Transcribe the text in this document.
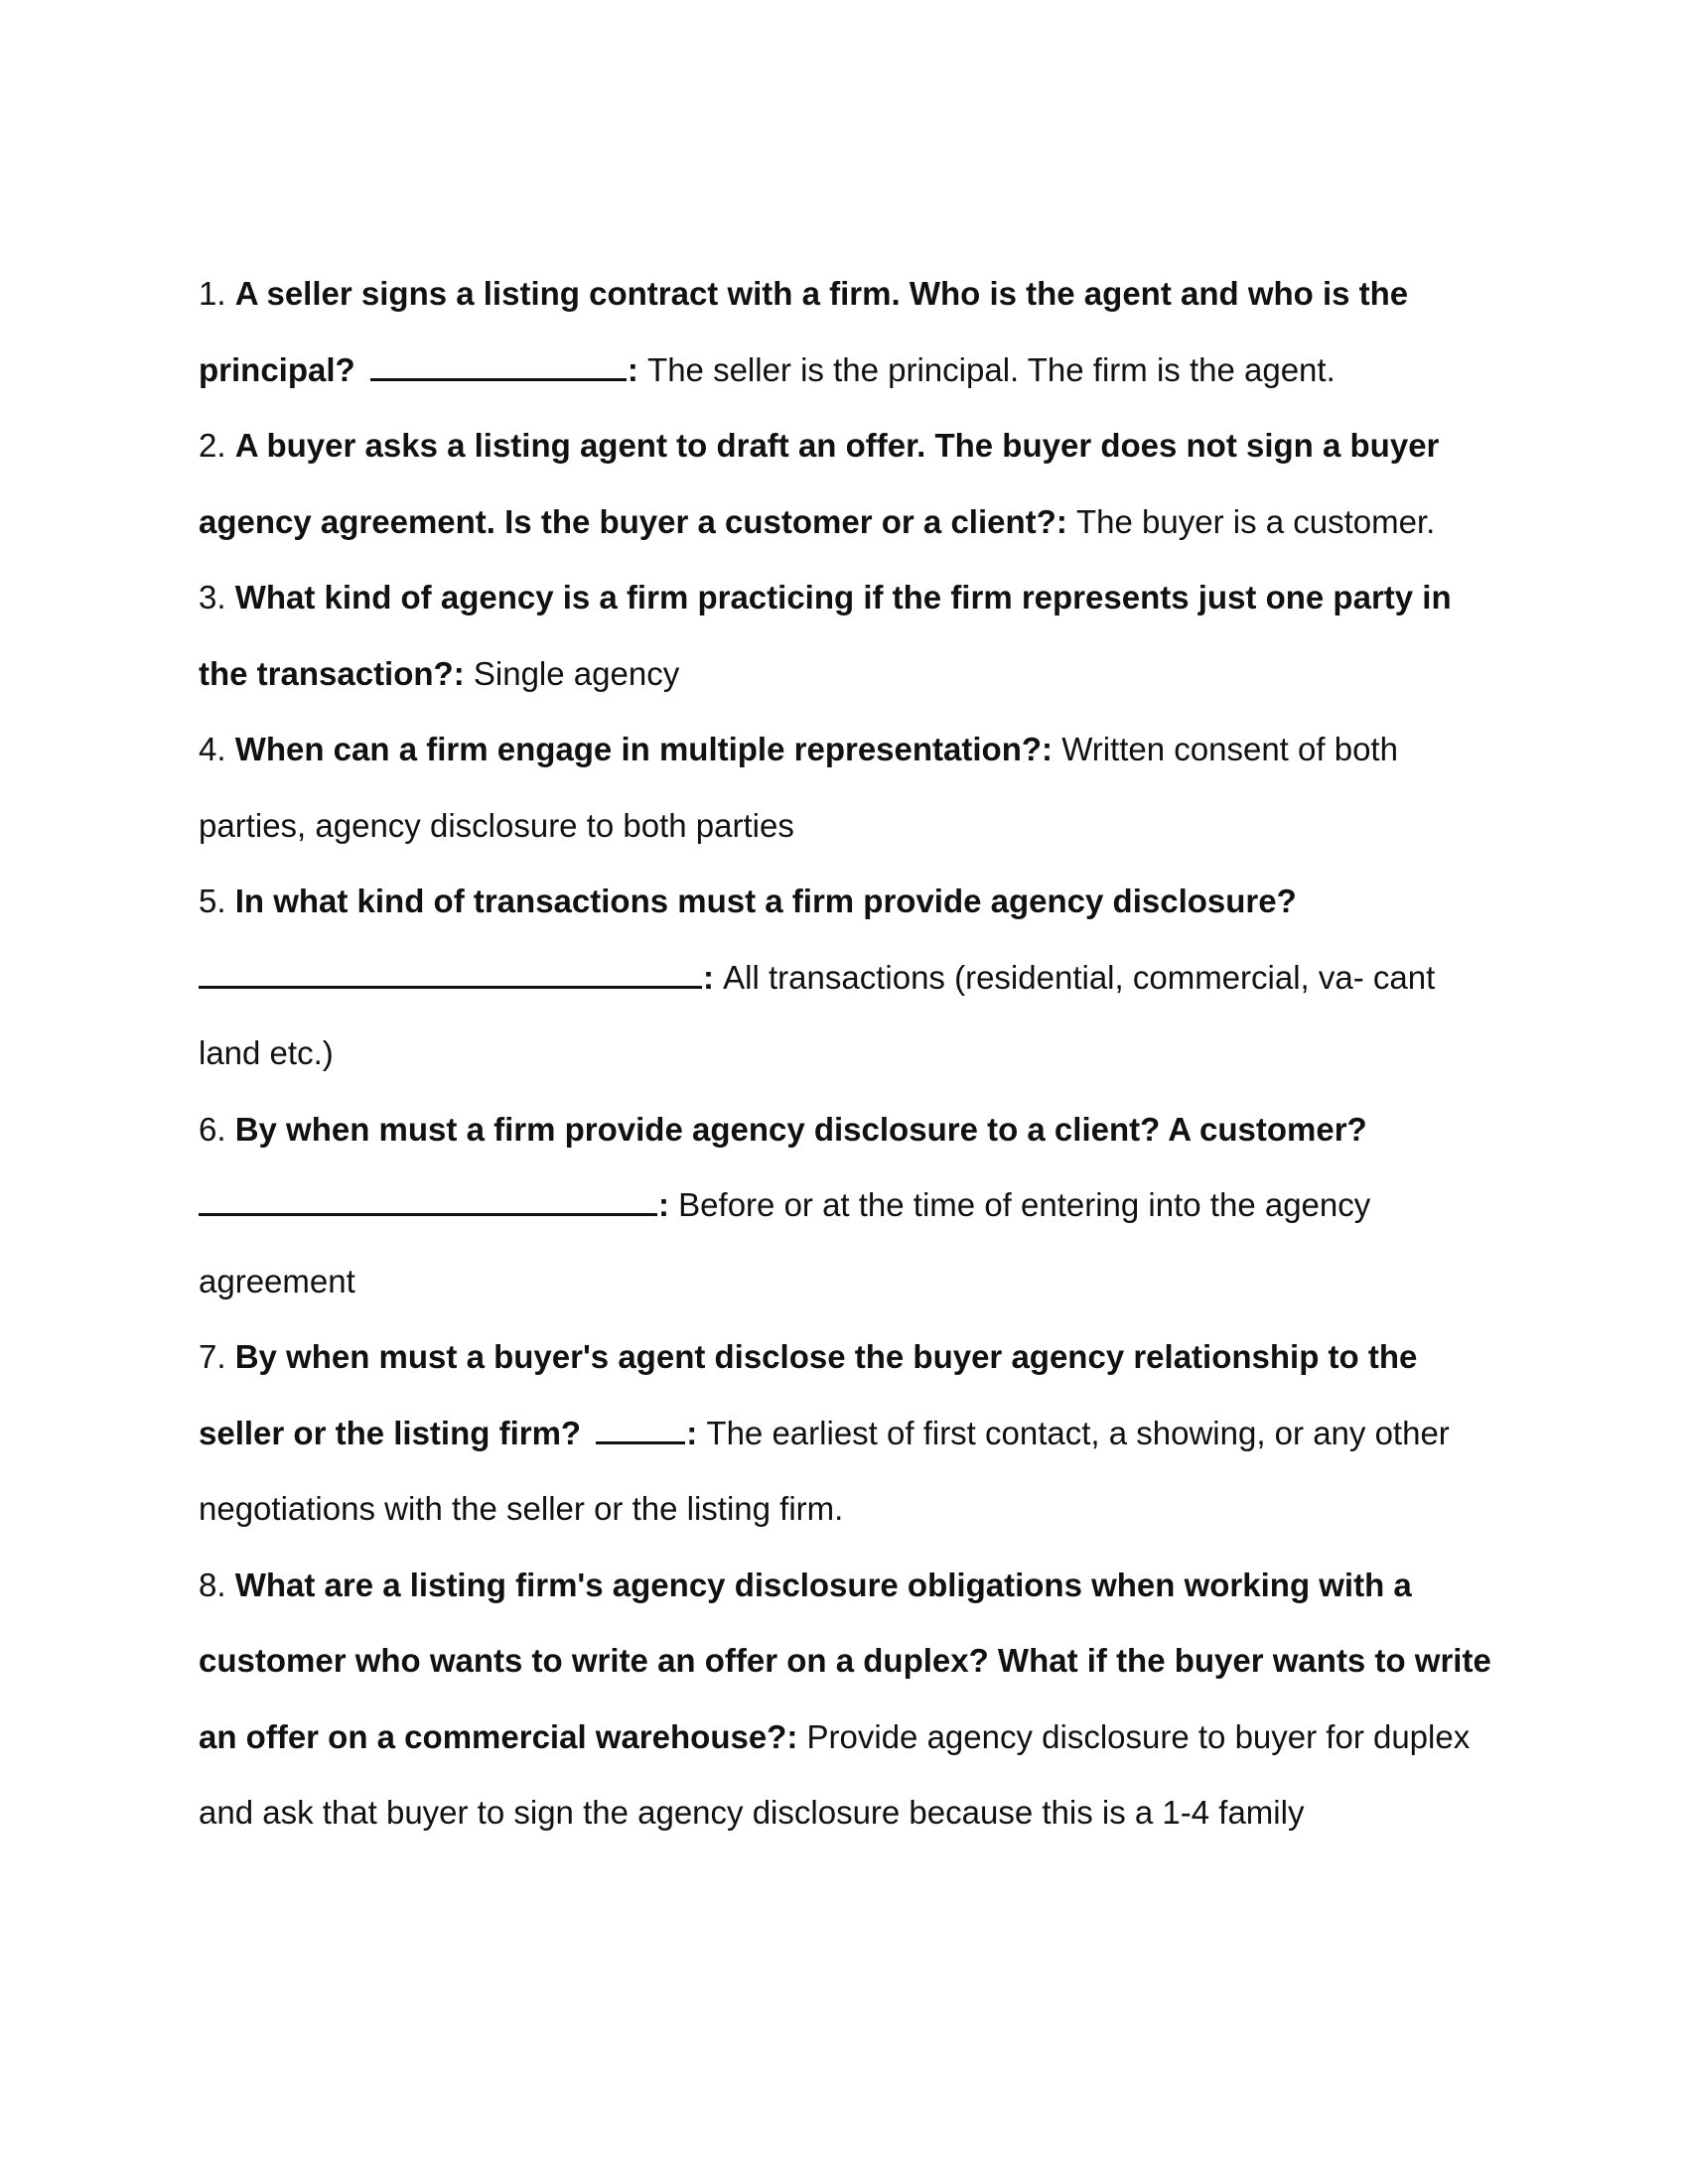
1. A seller signs a listing contract with a firm. Who is the agent and who is the principal?	: The seller is the principal. The firm is the agent.

2. A buyer asks a listing agent to draft an offer. The buyer does not sign a buyer agency agreement. Is the buyer a customer or a client?: The buyer is a customer.

3. What kind of agency is a firm practicing if the firm represents just one party in the transaction?: Single agency

4. When can a firm engage in multiple representation?: Written consent of both parties, agency disclosure to both parties

5. In what kind of transactions must a firm provide agency disclosure?
: All transactions (residential, commercial, va- cant land etc.)

6. By when must a firm provide agency disclosure to a client? A customer?
: Before or at the time of entering into the agency agreement

7. By when must a buyer's agent disclose the buyer agency relationship to the seller or the listing firm?	: The earliest of first contact, a showing, or any other negotiations with the seller or the listing firm.

8. What are a listing firm's agency disclosure obligations when working with a customer who wants to write an offer on a duplex? What if the buyer wants to write an offer on a commercial warehouse?: Provide agency disclosure to buyer for duplex and ask that buyer to sign the agency disclosure because this is a 1-4 family
